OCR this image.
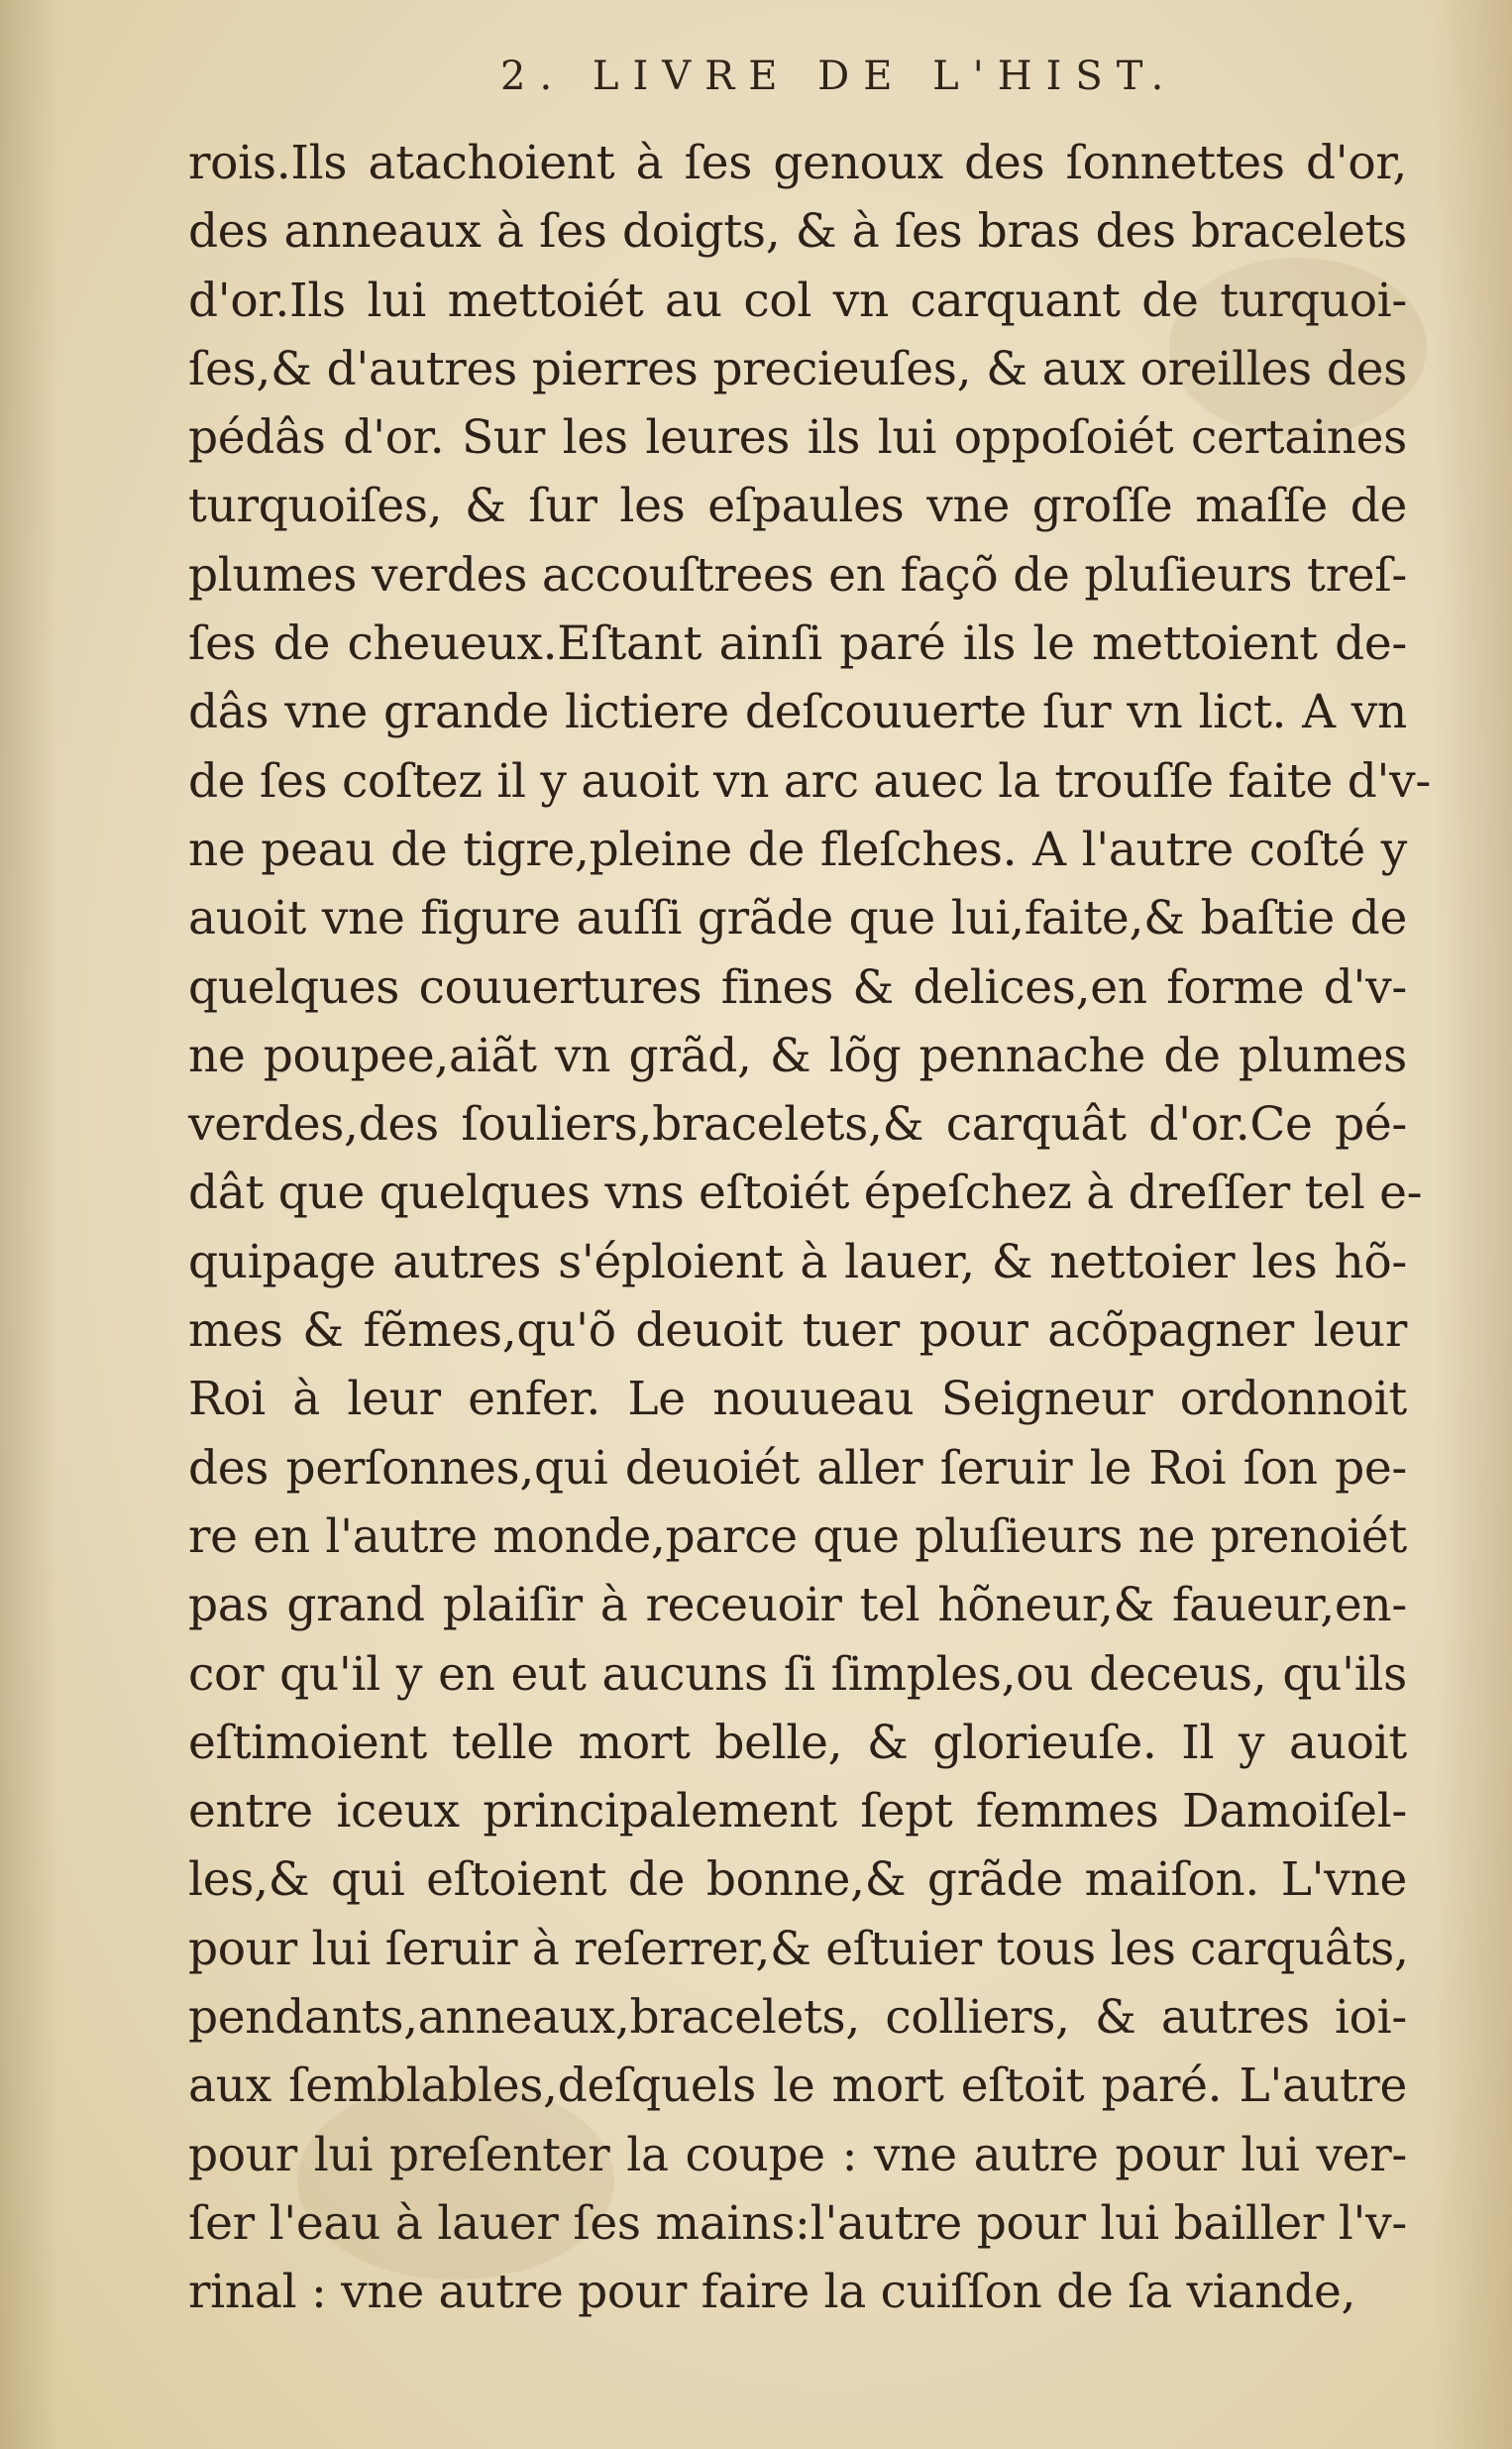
2. LIVRE DE L'HIST.
rois.Ils atachoient à ſes genoux des ſonnettes d'or,
des anneaux à ſes doigts, & à ſes bras des bracelets
d'or.Ils lui mettoiét au col vn carquant de turquoi-
ſes,& d'autres pierres precieuſes, & aux oreilles des
pédâs d'or. Sur les leures ils lui oppoſoiét certaines
turquoiſes, & ſur les eſpaules vne groſſe maſſe de
plumes verdes accouſtrees en façõ de pluſieurs treſ-
ſes de cheueux.Eſtant ainſi paré ils le mettoient de-
dâs vne grande lictiere deſcouuerte ſur vn lict. A vn
de ſes coſtez il y auoit vn arc auec la trouſſe faite d'v-
ne peau de tigre,pleine de fleſches. A l'autre coſté y
auoit vne figure auſſi grãde que lui,faite,& baſtie de
quelques couuertures fines & delices,en forme d'v-
ne poupee,aiãt vn grãd, & lõg pennache de plumes
verdes,des ſouliers,bracelets,& carquât d'or.Ce pé-
dât que quelques vns eſtoiét épeſchez à dreſſer tel e-
quipage autres s'éploient à lauer, & nettoier les hõ-
mes & fẽmes,qu'õ deuoit tuer pour acõpagner leur
Roi à leur enfer. Le nouueau Seigneur ordonnoit
des perſonnes,qui deuoiét aller ſeruir le Roi ſon pe-
re en l'autre monde,parce que pluſieurs ne prenoiét
pas grand plaiſir à receuoir tel hõneur,& faueur,en-
cor qu'il y en eut aucuns ſi ſimples,ou deceus, qu'ils
eſtimoient telle mort belle, & glorieuſe. Il y auoit
entre iceux principalement ſept femmes Damoiſel-
les,& qui eſtoient de bonne,& grãde maiſon. L'vne
pour lui ſeruir à reſerrer,& eſtuier tous les carquâts,
pendants,anneaux,bracelets, colliers, & autres ioi-
aux ſemblables,deſquels le mort eſtoit paré. L'autre
pour lui preſenter la coupe : vne autre pour lui ver-
ſer l'eau à lauer ſes mains:l'autre pour lui bailler l'v-
rinal : vne autre pour faire la cuiſſon de ſa viande,
